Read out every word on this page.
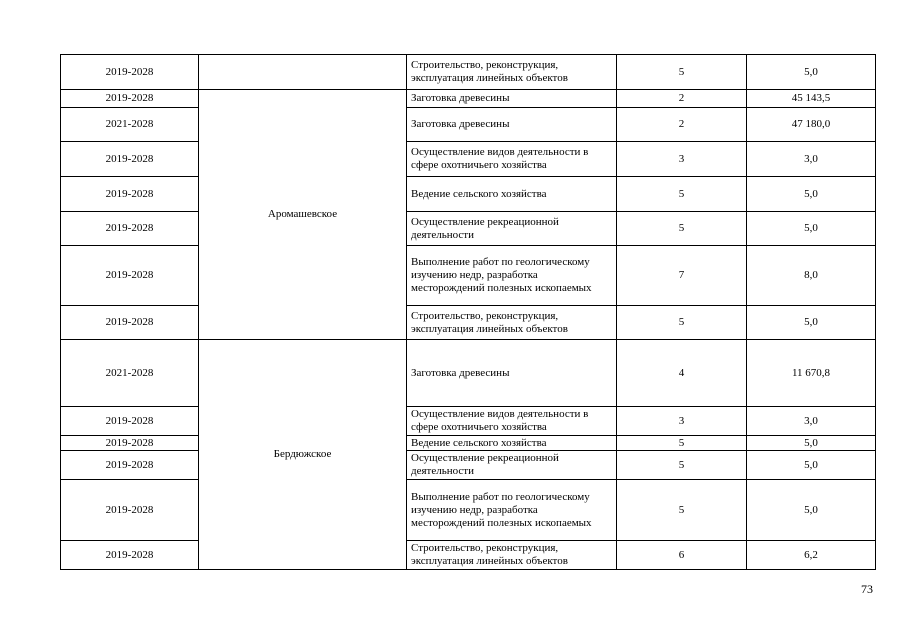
2019-2028		Строительство, реконструкция, эксплуатация линейных объектов	5	5,0
2019-2028	Аромашевское	Заготовка древесины	2	45 143,5
2021-2028		Заготовка древесины	2	47 180,0
2019-2028		Осуществление видов деятельности в сфере охотничьего хозяйства	3	3,0
2019-2028		Ведение сельского хозяйства	5	5,0
2019-2028		Осуществление рекреационной деятельности	5	5,0
2019-2028		Выполнение работ по геологическому изучению недр, разработка месторождений полезных ископаемых	7	8,0
2019-2028		Строительство, реконструкция, эксплуатация линейных объектов	5	5,0
2021-2028	Бердюжское	Заготовка древесины	4	11 670,8
2019-2028		Осуществление видов деятельности в сфере охотничьего хозяйства	3	3,0
2019-2028		Ведение сельского хозяйства	5	5,0
2019-2028		Осуществление рекреационной деятельности	5	5,0
2019-2028		Выполнение работ по геологическому изучению недр, разработка месторождений полезных ископаемых	5	5,0
2019-2028		Строительство, реконструкция, эксплуатация линейных объектов	6	6,2
73
